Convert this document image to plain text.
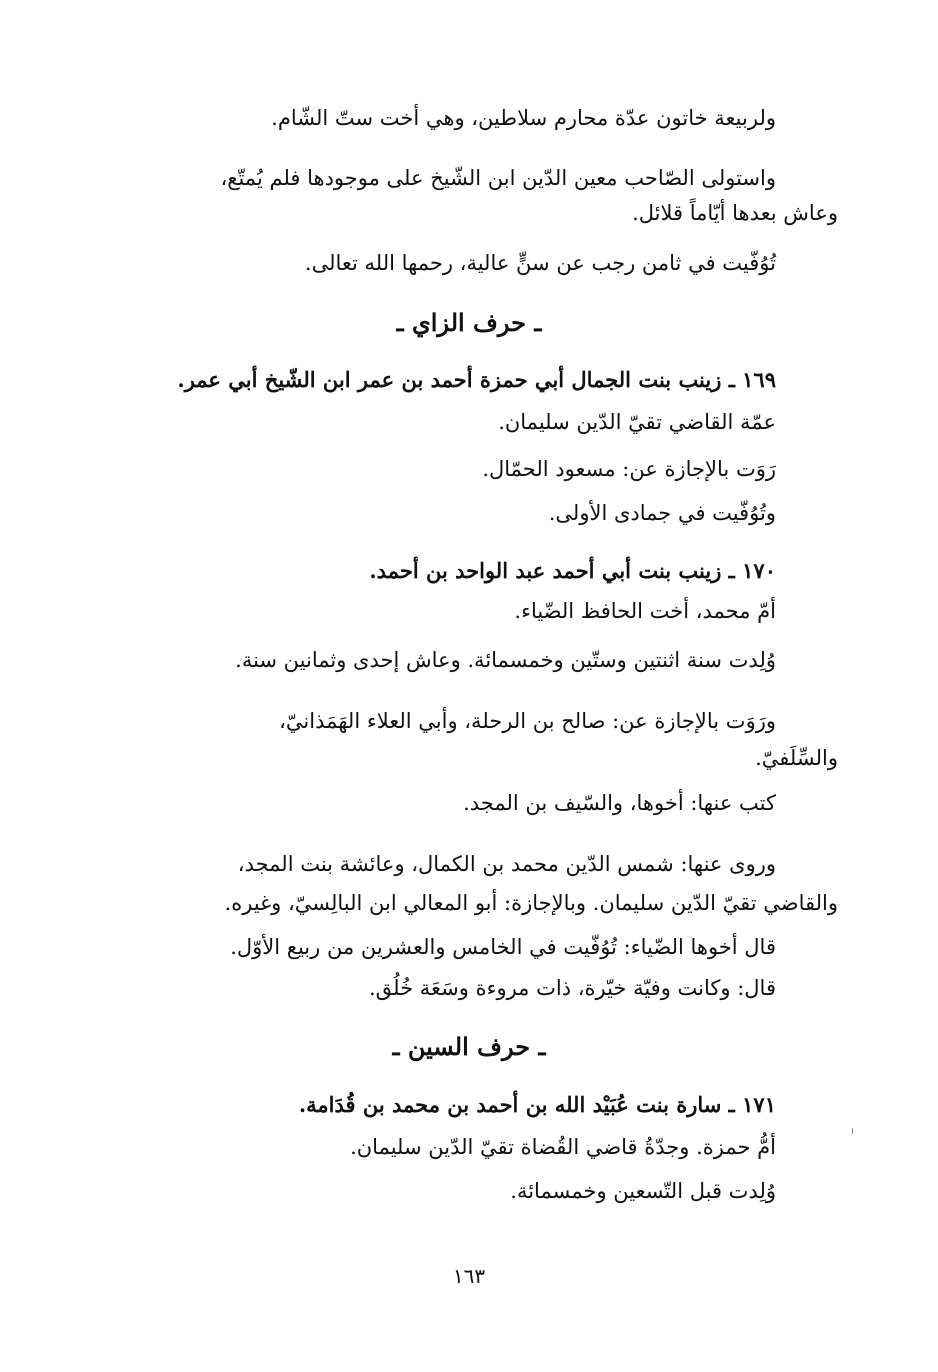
ولربيعة خاتون عدّة محارم سلاطين، وهي أخت ستّ الشّام.
واستولى الصّاحب معين الدّين ابن الشّيخ على موجودها فلم يُمتّع،
وعاش بعدها أيّاماً قلائل.
تُوُفّيت في ثامن رجب عن سنٍّ عالية، رحمها الله تعالى.
ـ حرف الزاي ـ
١٦٩ ـ زينب بنت الجمال أبي حمزة أحمد بن عمر ابن الشّيخ أبي عمر.
عمّة القاضي تقيّ الدّين سليمان.
رَوَت بالإجازة عن: مسعود الحمّال.
وتُوُفّيت في جمادى الأولى.
١٧٠ ـ زينب بنت أبي أحمد عبد الواحد بن أحمد.
أمّ محمد، أخت الحافظ الضّياء.
وُلِدت سنة اثنتين وستّين وخمسمائة. وعاش إحدى وثمانين سنة.
ورَوَت بالإجازة عن: صالح بن الرحلة، وأبي العلاء الهَمَذانيّ،
والسِّلَفيّ.
كتب عنها: أخوها، والسّيف بن المجد.
وروى عنها: شمس الدّين محمد بن الكمال، وعائشة بنت المجد،
والقاضي تقيّ الدّين سليمان. وبالإجازة: أبو المعالي ابن البالِسيّ، وغيره.
قال أخوها الضّياء: تُوُفّيت في الخامس والعشرين من ربيع الأوّل.
قال: وكانت وفيّة خيّرة، ذات مروءة وسَعَة خُلُق.
ـ حرف السين ـ
١٧١ ـ سارة بنت عُبَيْد الله بن أحمد بن محمد بن قُدَامة.
أمُّ حمزة. وجدّةُ قاضي القُضاة تقيّ الدّين سليمان.
وُلِدت قبل التّسعين وخمسمائة.
١٦٣
